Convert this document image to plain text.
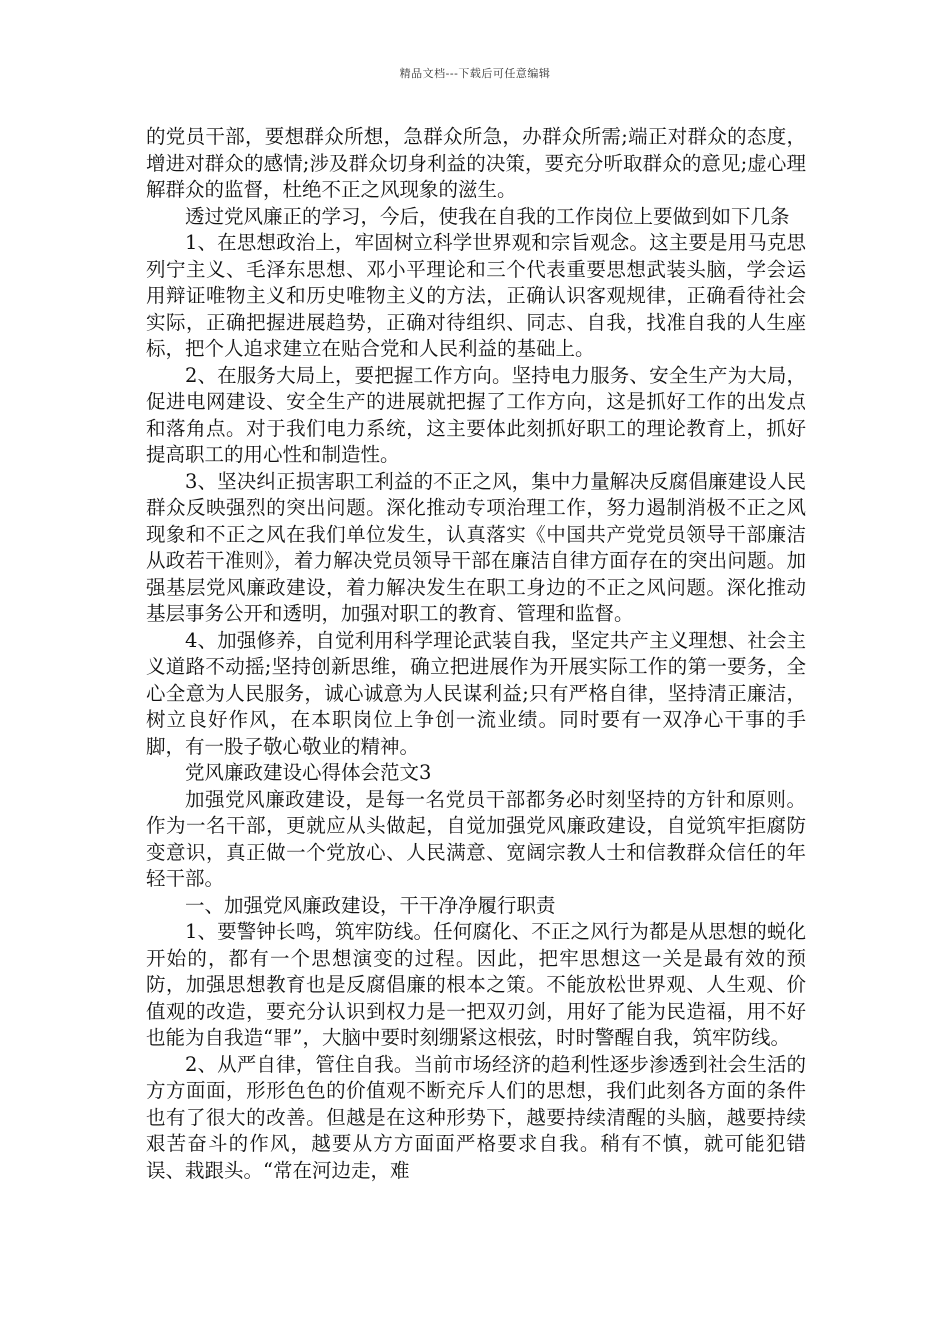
精品文档---下载后可任意编辑

的党员干部，要想群众所想，急群众所急，办群众所需;端正对群众的态度，增进对群众的感情;涉及群众切身利益的决策，要充分听取群众的意见;虚心理解群众的监督，杜绝不正之风现象的滋生。

透过党风廉正的学习，今后，使我在自我的工作岗位上要做到如下几条

1、在思想政治上，牢固树立科学世界观和宗旨观念。这主要是用马克思列宁主义、毛泽东思想、邓小平理论和三个代表重要思想武装头脑，学会运用辩证唯物主义和历史唯物主义的方法，正确认识客观规律，正确看待社会实际，正确把握进展趋势，正确对待组织、同志、自我，找准自我的人生座标，把个人追求建立在贴合党和人民利益的基础上。

2、在服务大局上，要把握工作方向。坚持电力服务、安全生产为大局，促进电网建设、安全生产的进展就把握了工作方向，这是抓好工作的出发点和落角点。对于我们电力系统，这主要体此刻抓好职工的理论教育上，抓好提高职工的用心性和制造性。

3、坚决纠正损害职工利益的不正之风，集中力量解决反腐倡廉建设人民群众反映强烈的突出问题。深化推动专项治理工作，努力遏制消极不正之风现象和不正之风在我们单位发生，认真落实《中国共产党党员领导干部廉洁从政若干准则》，着力解决党员领导干部在廉洁自律方面存在的突出问题。加强基层党风廉政建设，着力解决发生在职工身边的不正之风问题。深化推动基层事务公开和透明，加强对职工的教育、管理和监督。

4、加强修养，自觉利用科学理论武装自我，坚定共产主义理想、社会主义道路不动摇;坚持创新思维，确立把进展作为开展实际工作的第一要务，全心全意为人民服务，诚心诚意为人民谋利益;只有严格自律，坚持清正廉洁，树立良好作风，在本职岗位上争创一流业绩。同时要有一双净心干事的手脚，有一股子敬心敬业的精神。

党风廉政建设心得体会范文3

加强党风廉政建设，是每一名党员干部都务必时刻坚持的方针和原则。作为一名干部，更就应从头做起，自觉加强党风廉政建设，自觉筑牢拒腐防变意识，真正做一个党放心、人民满意、宽阔宗教人士和信教群众信任的年轻干部。

一、加强党风廉政建设，干干净净履行职责

1、要警钟长鸣，筑牢防线。任何腐化、不正之风行为都是从思想的蜕化开始的，都有一个思想演变的过程。因此，把牢思想这一关是最有效的预防，加强思想教育也是反腐倡廉的根本之策。不能放松世界观、人生观、价值观的改造，要充分认识到权力是一把双刃剑，用好了能为民造福，用不好也能为自我造“罪”，大脑中要时刻绷紧这根弦，时时警醒自我，筑牢防线。

2、从严自律，管住自我。当前市场经济的趋利性逐步渗透到社会生活的方方面面，形形色色的价值观不断充斥人们的思想，我们此刻各方面的条件也有了很大的改善。但越是在这种形势下，越要持续清醒的头脑，越要持续艰苦奋斗的作风，越要从方方面面严格要求自我。稍有不慎，就可能犯错误、栽跟头。“常在河边走，难
